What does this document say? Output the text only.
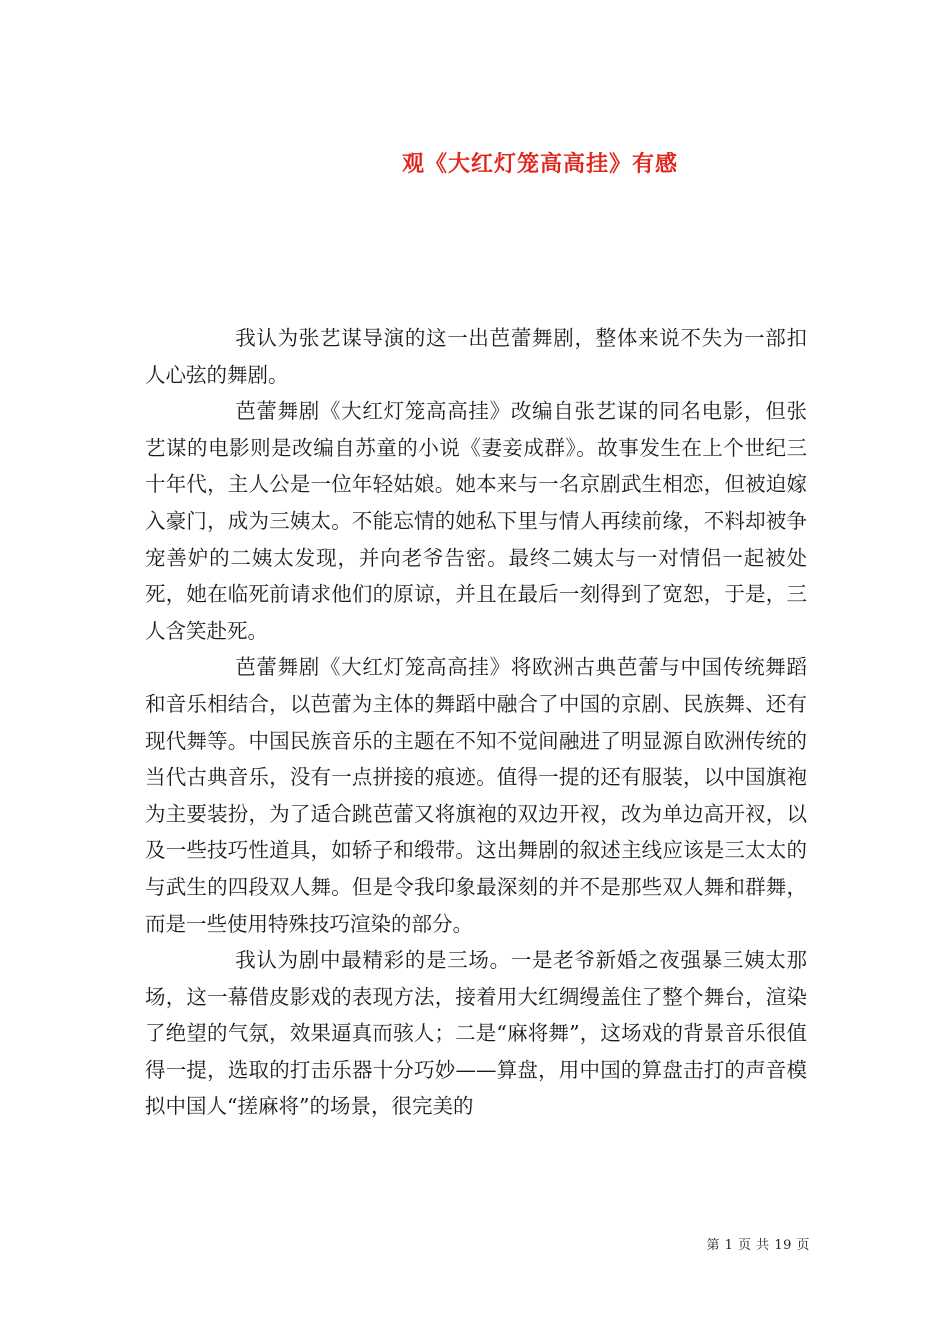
观《大红灯笼高高挂》有感

我认为张艺谋导演的这一出芭蕾舞剧，整体来说不失为一部扣人心弦的舞剧。

芭蕾舞剧《大红灯笼高高挂》改编自张艺谋的同名电影，但张艺谋的电影则是改编自苏童的小说《妻妾成群》。故事发生在上个世纪三十年代，主人公是一位年轻姑娘。她本来与一名京剧武生相恋，但被迫嫁入豪门，成为三姨太。不能忘情的她私下里与情人再续前缘，不料却被争宠善妒的二姨太发现，并向老爷告密。最终二姨太与一对情侣一起被处死，她在临死前请求他们的原谅，并且在最后一刻得到了宽恕，于是，三人含笑赴死。

芭蕾舞剧《大红灯笼高高挂》将欧洲古典芭蕾与中国传统舞蹈和音乐相结合，以芭蕾为主体的舞蹈中融合了中国的京剧、民族舞、还有现代舞等。中国民族音乐的主题在不知不觉间融进了明显源自欧洲传统的当代古典音乐，没有一点拼接的痕迹。值得一提的还有服装，以中国旗袍为主要装扮，为了适合跳芭蕾又将旗袍的双边开衩，改为单边高开衩，以及一些技巧性道具，如轿子和缎带。这出舞剧的叙述主线应该是三太太的与武生的四段双人舞。但是令我印象最深刻的并不是那些双人舞和群舞，而是一些使用特殊技巧渲染的部分。

我认为剧中最精彩的是三场。一是老爷新婚之夜强暴三姨太那场，这一幕借皮影戏的表现方法，接着用大红绸缦盖住了整个舞台，渲染了绝望的气氛，效果逼真而骇人；二是“麻将舞”，这场戏的背景音乐很值得一提，选取的打击乐器十分巧妙——算盘，用中国的算盘击打的声音模拟中国人“搓麻将”的场景，很完美的

第 1 页 共 19 页
